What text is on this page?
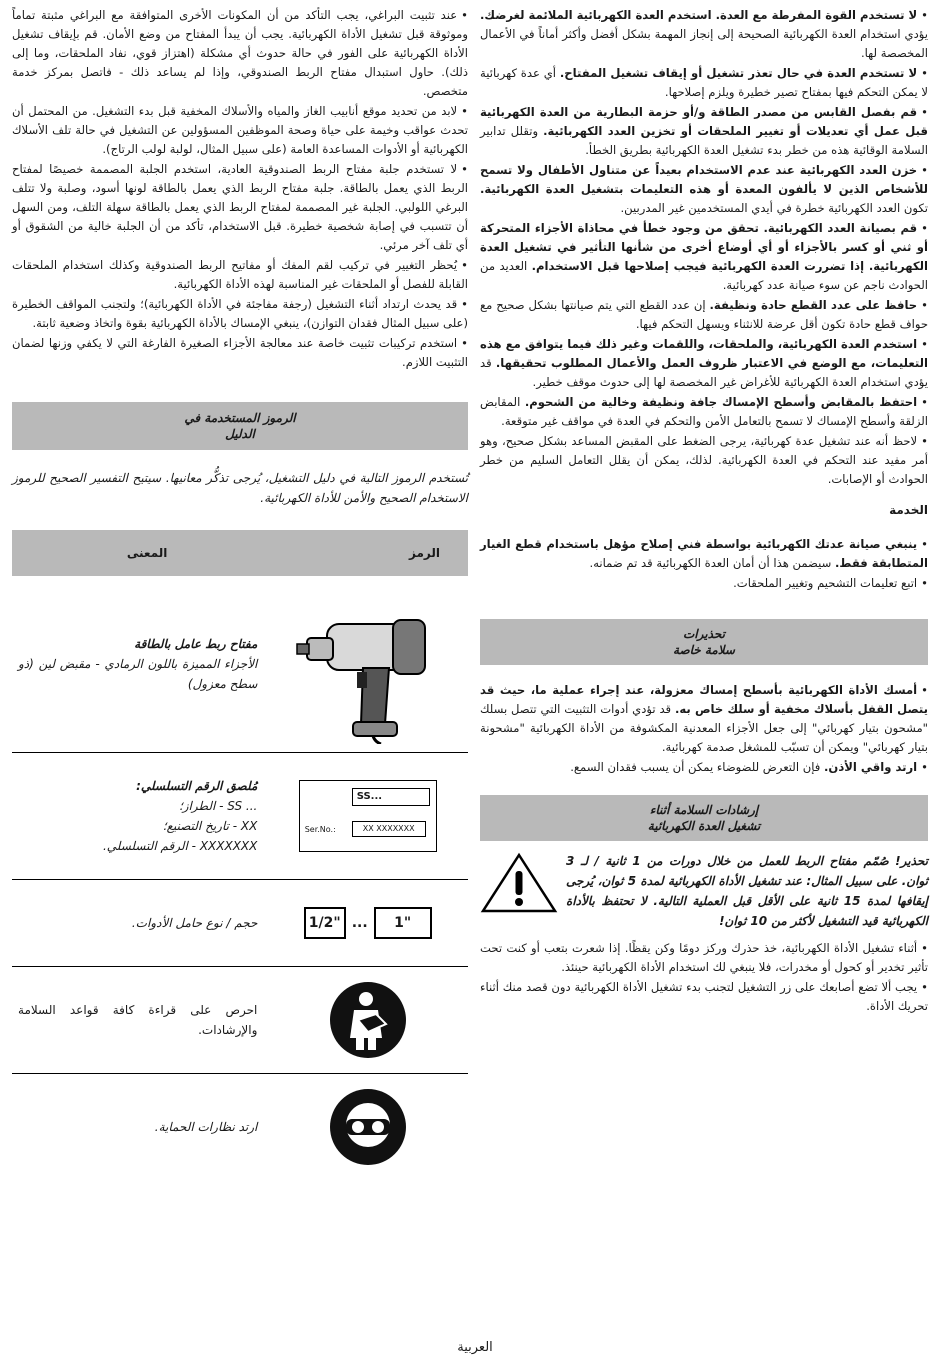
•لا تستخدم القوة المفرطة مع العدة. استخدم العدة الكهربائية الملائمة لغرضك. يؤدي استخدام العدة الكهربائية الصحيحة إلى إنجاز المهمة بشكل أفضل وأكثر أماناً في الأعمال المخصصة لها.
•لا تستخدم العدة في حال تعذر تشغيل أو إيقاف تشغيل المفتاح. أي عدة كهربائية لا يمكن التحكم فيها بمفتاح تصير خطيرة ويلزم إصلاحها.
•قم بفصل القابس من مصدر الطاقة و/أو حزمة البطارية من العدة الكهربائية قبل عمل أي تعديلات أو تغيير الملحقات أو تخزين العدد الكهربائية. وتقلل تدابير السلامة الوقائية هذه من خطر بدء تشغيل العدة الكهربائية بطريق الخطأ.
•خزن العدد الكهربائية عند عدم الاستخدام بعيداً عن متناول الأطفال ولا تسمح للأشخاص الذين لا يألفون المعدة أو هذه التعليمات بتشغيل العدة الكهربائية. تكون العدد الكهربائية خطرة في أيدي المستخدمين غير المدربين.
•قم بصيانة العدد الكهربائية. تحقق من وجود خطأ في محاذاة الأجزاء المتحركة أو ثني أو كسر بالأجزاء أو أي أوضاع أخرى من شأنها التأثير في تشغيل العدة الكهربائية. إذا تضررت العدة الكهربائية فيجب إصلاحها قبل الاستخدام. العديد من الحوادث ناجم عن سوء صيانة عدد كهربائية.
•حافظ على عدد القطع حادة ونظيفة. إن عدد القطع التي يتم صيانتها بشكل صحيح مع حواف قطع حادة تكون أقل عرضة للانثناء ويسهل التحكم فيها.
•استخدم العدة الكهربائية، والملحقات، واللقمات وغير ذلك فيما يتوافق مع هذه التعليمات، مع الوضع في الاعتبار ظروف العمل والأعمال المطلوب تحقيقها. قد يؤدي استخدام العدة الكهربائية للأغراض غير المخصصة لها إلى حدوث موقف خطير.
•احتفظ بالمقابض وأسطح الإمساك جافة ونظيفة وخالية من الشحوم. المقابض الزلقة وأسطح الإمساك لا تسمح بالتعامل الأمن والتحكم في العدة في مواقف غير متوقعة.
•لاحظ أنه عند تشغيل عدة كهربائية، يرجى الضغط على المقبض المساعد بشكل صحيح، وهو أمر مفيد عند التحكم في العدة الكهربائية. لذلك، يمكن أن يقلل التعامل السليم من خطر الحوادث أو الإصابات.
الخدمة
•ينبغي صيانة عدتك الكهربائية بواسطة فني إصلاح مؤهل باستخدام قطع الغيار المتطابقة فقط. سيضمن هذا أن أمان العدة الكهربائية قد تم ضمانه.
•اتبع تعليمات التشحيم وتغيير الملحقات.
تحذيرات
سلامة خاصة
•أمسك الأداة الكهربائية بأسطح إمساك معزولة، عند إجراء عملية ما، حيث قد يتصل القفل بأسلاك مخفية أو سلك خاص به. قد تؤدي أدوات التثبيت التي تتصل بسلك "مشحون بتيار كهربائي" إلى جعل الأجزاء المعدنية المكشوفة من الأداة الكهربائية "مشحونة بتيار كهربائي" ويمكن أن تسبّب للمشغل صدمة كهربائية.
•ارتد واقي الأذن. فإن التعرض للضوضاء يمكن أن يسبب فقدان السمع.
إرشادات السلامة أثناء
تشغيل العدة الكهربائية
تحذير! صُمّم مفتاح الربط للعمل من خلال دورات من 1 ثانية / لـ 3 ثوان. على سبيل المثال: عند تشغيل الأداة الكهربائية لمدة 5 ثوان، يُرجى إيقافها لمدة 15 ثانية على الأقل قبل العملية التالية. لا تحتفظ بالأداة الكهربائية قيد التشغيل لأكثر من 10 ثوان!
•أثناء تشغيل الأداة الكهربائية، خذ حذرك وركز دومًا وكن يقظًا. إذا شعرت بتعب أو كنت تحت تأثير تخدير أو كحول أو مخدرات، فلا ينبغي لك استخدام الأداة الكهربائية حينئذ.
•يجب ألا تضع أصابعك على زر التشغيل لتجنب بدء تشغيل الأداة الكهربائية دون قصد منك أثناء تحريك الأداة.
•عند تثبيت البراغي، يجب التأكد من أن المكونات الأخرى المتوافقة مع البراغي مثبتة تماماً وموثوقة قبل تشغيل الأداة الكهربائية. يجب أن يبدأ المفتاح من وضع الأمان. قم بإيقاف تشغيل الأداة الكهربائية على الفور في حالة حدوث أي مشكلة (اهتزاز قوي، نفاد الملحقات، وما إلى ذلك). حاول استبدال مفتاح الربط الصندوقي، وإذا لم يساعد ذلك - فاتصل بمركز خدمة متخصص.
•لابد من تحديد موقع أنابيب الغاز والمياه والأسلاك المخفية قبل بدء التشغيل. من المحتمل أن تحدث عواقب وخيمة على حياة وصحة الموظفين المسؤولين عن التشغيل في حالة تلف الأسلاك الكهربائية أو الأدوات المساعدة العامة (على سبيل المثال، لولبة لولب الرتاج).
•لا تستخدم جلبة مفتاح الربط الصندوقية العادية، استخدم الجلبة المصممة خصيصًا لمفتاح الربط الذي يعمل بالطاقة. جلبة مفتاح الربط الذي يعمل بالطاقة لونها أسود، وصلبة ولا تتلف البرغي اللولبي. الجلبة غير المصممة لمفتاح الربط الذي يعمل بالطاقة سهلة التلف، ومن السهل أن تتسبب في إصابة شخصية خطيرة. قبل الاستخدام، تأكد من أن الجلبة خالية من الشقوق أو أي تلف آخر مرئي.
•يُحظر التغيير في تركيب لقم المفك أو مفاتيح الربط الصندوقية وكذلك استخدام الملحقات القابلة للفصل أو الملحقات غير المناسبة لهذه الأداة الكهربائية.
•قد يحدث ارتداد أثناء التشغيل (رجفة مفاجئة في الأداة الكهربائية)؛ ولتجنب المواقف الخطيرة (على سبيل المثال فقدان التوازن)، ينبغي الإمساك بالأداة الكهربائية بقوة واتخاذ وضعية ثابتة.
•استخدم تركيبات تثبيت خاصة عند معالجة الأجزاء الصغيرة الفارغة التي لا يكفي وزنها لضمان التثبيت اللازم.
الرموز المستخدمة في
الدليل
تُستخدم الرموز التالية في دليل التشغيل، يُرجى تذكُّر معانيها. سيتيح التفسير الصحيح للرموز الاستخدام الصحيح والأمن للأداة الكهربائية.
الرمز
المعنى
مفتاح ربط عامل بالطاقة
الأجزاء المميزة باللون الرمادي - مقبض لين (ذو سطح معزول)
SS...
Ser.No.:	XX XXXXXXX
مُلصق الرقم التسلسلي:
... SS - الطراز؛
XX - تاريخ التصنيع؛
XXXXXXX - الرقم التسلسلي.
1/2" ...	1"
حجم / نوع حامل الأدوات.
احرص على قراءة كافة قواعد السلامة والإرشادات.
ارتد نظارات الحماية.
العربية
